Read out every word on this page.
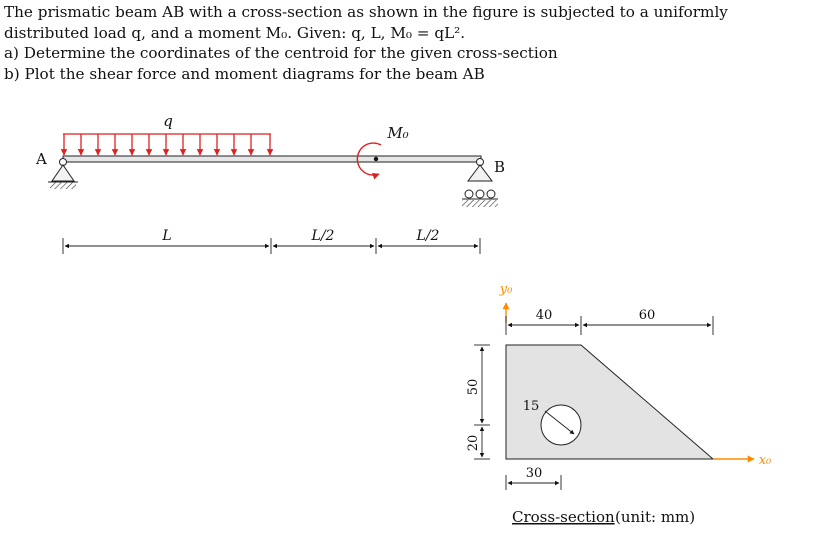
The prismatic beam AB with a cross-section as shown in the figure is subjected to a uniformly
distributed load q, and a moment M₀. Given: q, L, M₀ = qL².
a) Determine the coordinates of the centroid for the given cross-section
b) Plot the shear force and moment diagrams for the beam AB
q
A	B
M₀
L	L/2	L/2
15
y₀
x₀
40	60
50
20
30
Cross-section (unit: mm)
